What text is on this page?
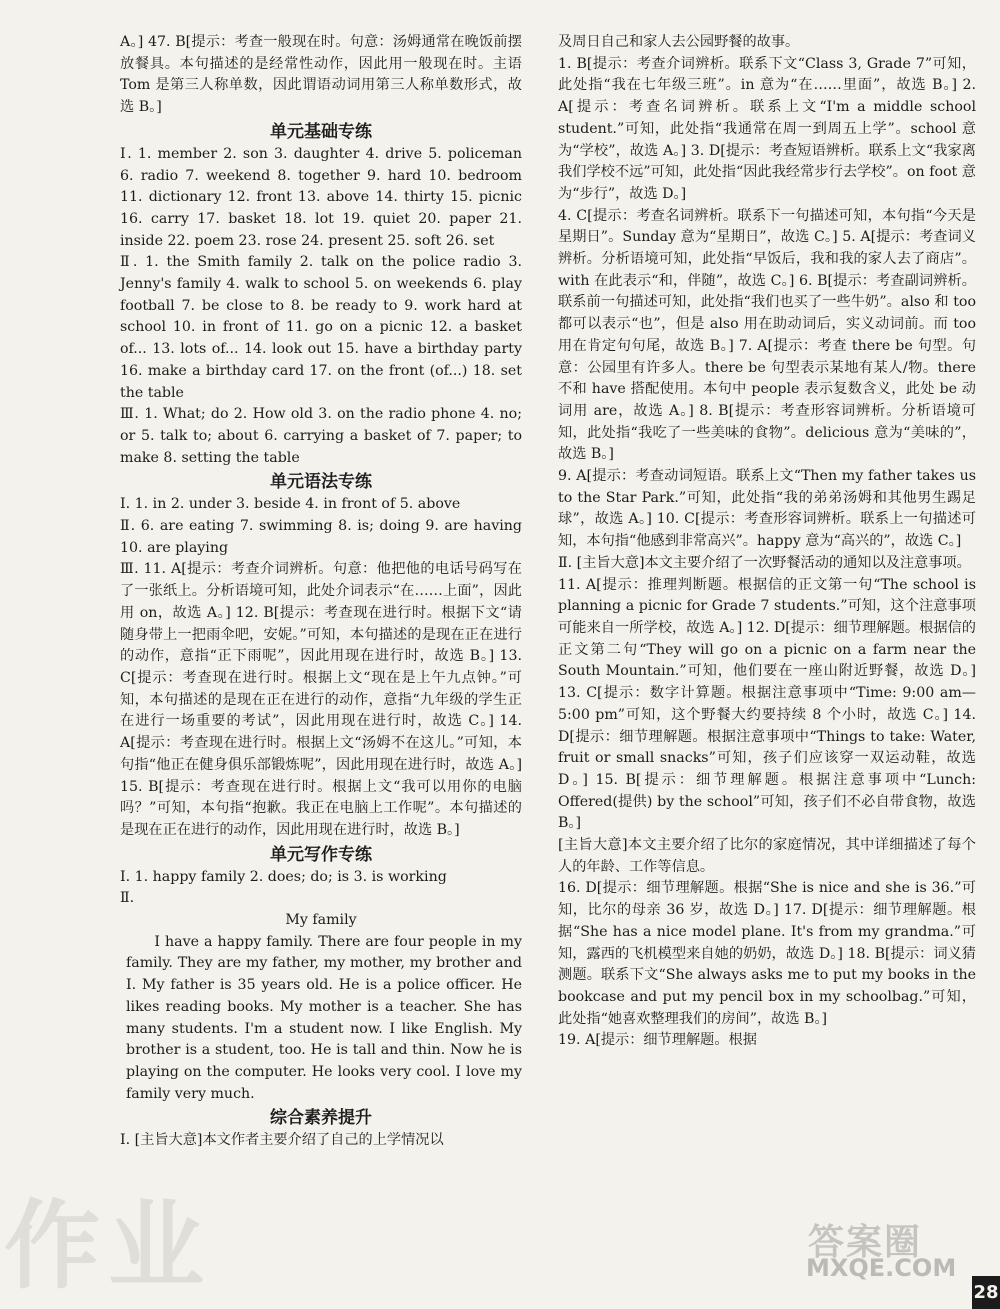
A。] 47. B[提示：考查一般现在时。句意：汤姆通常在晚饭前摆放餐具。本句描述的是经常性动作，因此用一般现在时。主语 Tom 是第三人称单数，因此谓语动词用第三人称单数形式，故选 B。]

单元基础专练

Ⅰ. 1. member 2. son 3. daughter 4. drive 5. policeman 6. radio 7. weekend 8. together 9. hard 10. bedroom 11. dictionary 12. front 13. above 14. thirty 15. picnic 16. carry 17. basket 18. lot 19. quiet 20. paper 21. inside 22. poem 23. rose 24. present 25. soft 26. set

Ⅱ. 1. the Smith family 2. talk on the police radio 3. Jenny's family 4. walk to school 5. on weekends 6. play football 7. be close to 8. be ready to 9. work hard at school 10. in front of 11. go on a picnic 12. a basket of... 13. lots of... 14. look out 15. have a birthday party 16. make a birthday card 17. on the front (of...) 18. set the table

Ⅲ. 1. What; do 2. How old 3. on the radio phone 4. no; or 5. talk to; about 6. carrying a basket of 7. paper; to make 8. setting the table

单元语法专练

Ⅰ. 1. in 2. under 3. beside 4. in front of 5. above

Ⅱ. 6. are eating 7. swimming 8. is; doing 9. are having 10. are playing

Ⅲ. 11. A[提示：考查介词辨析。句意：他把他的电话号码写在了一张纸上。分析语境可知，此处介词表示“在……上面”，因此用 on，故选 A。] 12. B[提示：考查现在进行时。根据下文“请随身带上一把雨伞吧，安妮。”可知，本句描述的是现在正在进行的动作，意指“正下雨呢”，因此用现在进行时，故选 B。] 13. C[提示：考查现在进行时。根据上文“现在是上午九点钟。”可知，本句描述的是现在正在进行的动作，意指“九年级的学生正在进行一场重要的考试”，因此用现在进行时，故选 C。] 14. A[提示：考查现在进行时。根据上文“汤姆不在这儿。”可知，本句指“他正在健身俱乐部锻炼呢”，因此用现在进行时，故选 A。] 15. B[提示：考查现在进行时。根据上文“我可以用你的电脑吗？”可知，本句指“抱歉。我正在电脑上工作呢”。本句描述的是现在正在进行的动作，因此用现在进行时，故选 B。]

单元写作专练

Ⅰ. 1. happy family 2. does; do; is 3. is working

Ⅱ.

My family

I have a happy family. There are four people in my family. They are my father, my mother, my brother and I. My father is 35 years old. He is a police officer. He likes reading books. My mother is a teacher. She has many students. I'm a student now. I like English. My brother is a student, too. He is tall and thin. Now he is playing on the computer. He looks very cool. I love my family very much.

综合素养提升

Ⅰ. [主旨大意]本文作者主要介绍了自己的上学情况以

及周日自己和家人去公园野餐的故事。

1. B[提示：考查介词辨析。联系下文“Class 3, Grade 7”可知，此处指“我在七年级三班”。in 意为“在……里面”，故选 B。] 2. A[提示：考查名词辨析。联系上文“I'm a middle school student.”可知，此处指“我通常在周一到周五上学”。school 意为“学校”，故选 A。] 3. D[提示：考查短语辨析。联系上文“我家离我们学校不远”可知，此处指“因此我经常步行去学校”。on foot 意为“步行”，故选 D。]

4. C[提示：考查名词辨析。联系下一句描述可知，本句指“今天是星期日”。Sunday 意为“星期日”，故选 C。] 5. A[提示：考查词义辨析。分析语境可知，此处指“早饭后，我和我的家人去了商店”。with 在此表示“和，伴随”，故选 C。] 6. B[提示：考查副词辨析。联系前一句描述可知，此处指“我们也买了一些牛奶”。also 和 too 都可以表示“也”，但是 also 用在助动词后，实义动词前。而 too 用在肯定句句尾，故选 B。] 7. A[提示：考查 there be 句型。句意：公园里有许多人。there be 句型表示某地有某人/物。there 不和 have 搭配使用。本句中 people 表示复数含义，此处 be 动词用 are，故选 A。] 8. B[提示：考查形容词辨析。分析语境可知，此处指“我吃了一些美味的食物”。delicious 意为“美味的”，故选 B。]

9. A[提示：考查动词短语。联系上文“Then my father takes us to the Star Park.”可知，此处指“我的弟弟汤姆和其他男生踢足球”，故选 A。] 10. C[提示：考查形容词辨析。联系上一句描述可知，本句指“他感到非常高兴”。happy 意为“高兴的”，故选 C。]

Ⅱ. [主旨大意]本文主要介绍了一次野餐活动的通知以及注意事项。

11. A[提示：推理判断题。根据信的正文第一句“The school is planning a picnic for Grade 7 students.”可知，这个注意事项可能来自一所学校，故选 A。] 12. D[提示：细节理解题。根据信的正文第二句“They will go on a picnic on a farm near the South Mountain.”可知，他们要在一座山附近野餐，故选 D。] 13. C[提示：数字计算题。根据注意事项中“Time: 9:00 am—5:00 pm”可知，这个野餐大约要持续 8 个小时，故选 C。] 14. D[提示：细节理解题。根据注意事项中“Things to take: Water, fruit or small snacks”可知，孩子们应该穿一双运动鞋，故选 D。] 15. B[提示：细节理解题。根据注意事项中“Lunch: Offered(提供) by the school”可知，孩子们不必自带食物，故选 B。]

[主旨大意]本文主要介绍了比尔的家庭情况，其中详细描述了每个人的年龄、工作等信息。

16. D[提示：细节理解题。根据“She is nice and she is 36.”可知，比尔的母亲 36 岁，故选 D。] 17. D[提示：细节理解题。根据“She has a nice model plane. It's from my grandma.”可知，露西的飞机模型来自她的奶奶，故选 D。] 18. B[提示：词义猜测题。联系下文“She always asks me to put my books in the bookcase and put my pencil box in my schoolbag.”可知，此处指“她喜欢整理我们的房间”，故选 B。]

19. A[提示：细节理解题。根据

作业	答案圈
MXQE.COM
28
